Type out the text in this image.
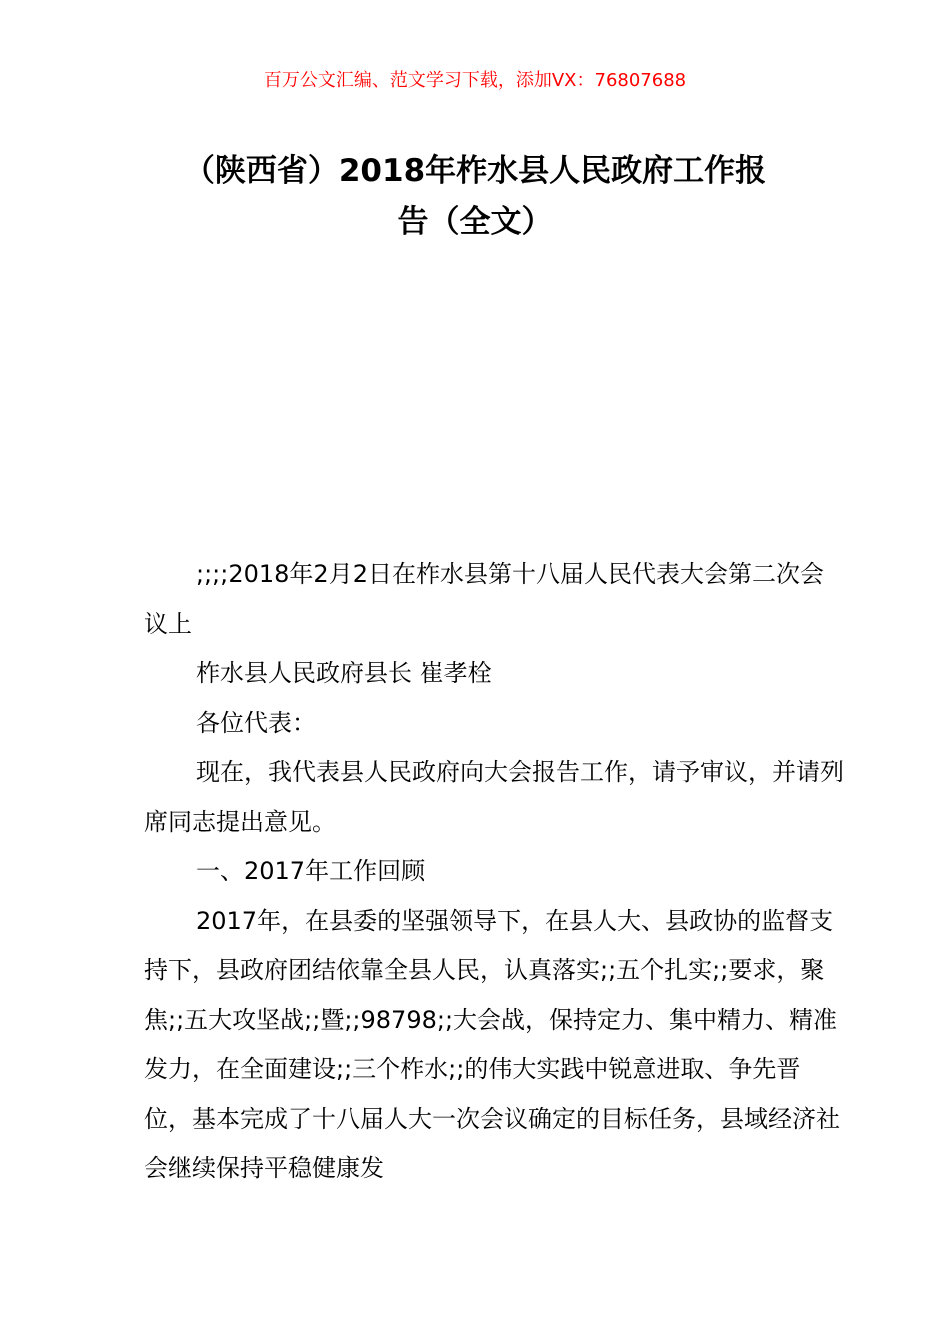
百万公文汇编、范文学习下载，添加VX：76807688
（陕西省）2018年柞水县人民政府工作报
告（全文）

;;;;2018年2月2日在柞水县第十八届人民代表大会第二次会议上

柞水县人民政府县长 崔孝栓

各位代表：

现在，我代表县人民政府向大会报告工作，请予审议，并请列席同志提出意见。

一、2017年工作回顾

2017年，在县委的坚强领导下，在县人大、县政协的监督支持下，县政府团结依靠全县人民，认真落实;;五个扎实;;要求，聚焦;;五大攻坚战;;暨;;98798;;大会战，保持定力、集中精力、精准发力，在全面建设;;三个柞水;;的伟大实践中锐意进取、争先晋位，基本完成了十八届人大一次会议确定的目标任务，县域经济社会继续保持平稳健康发
